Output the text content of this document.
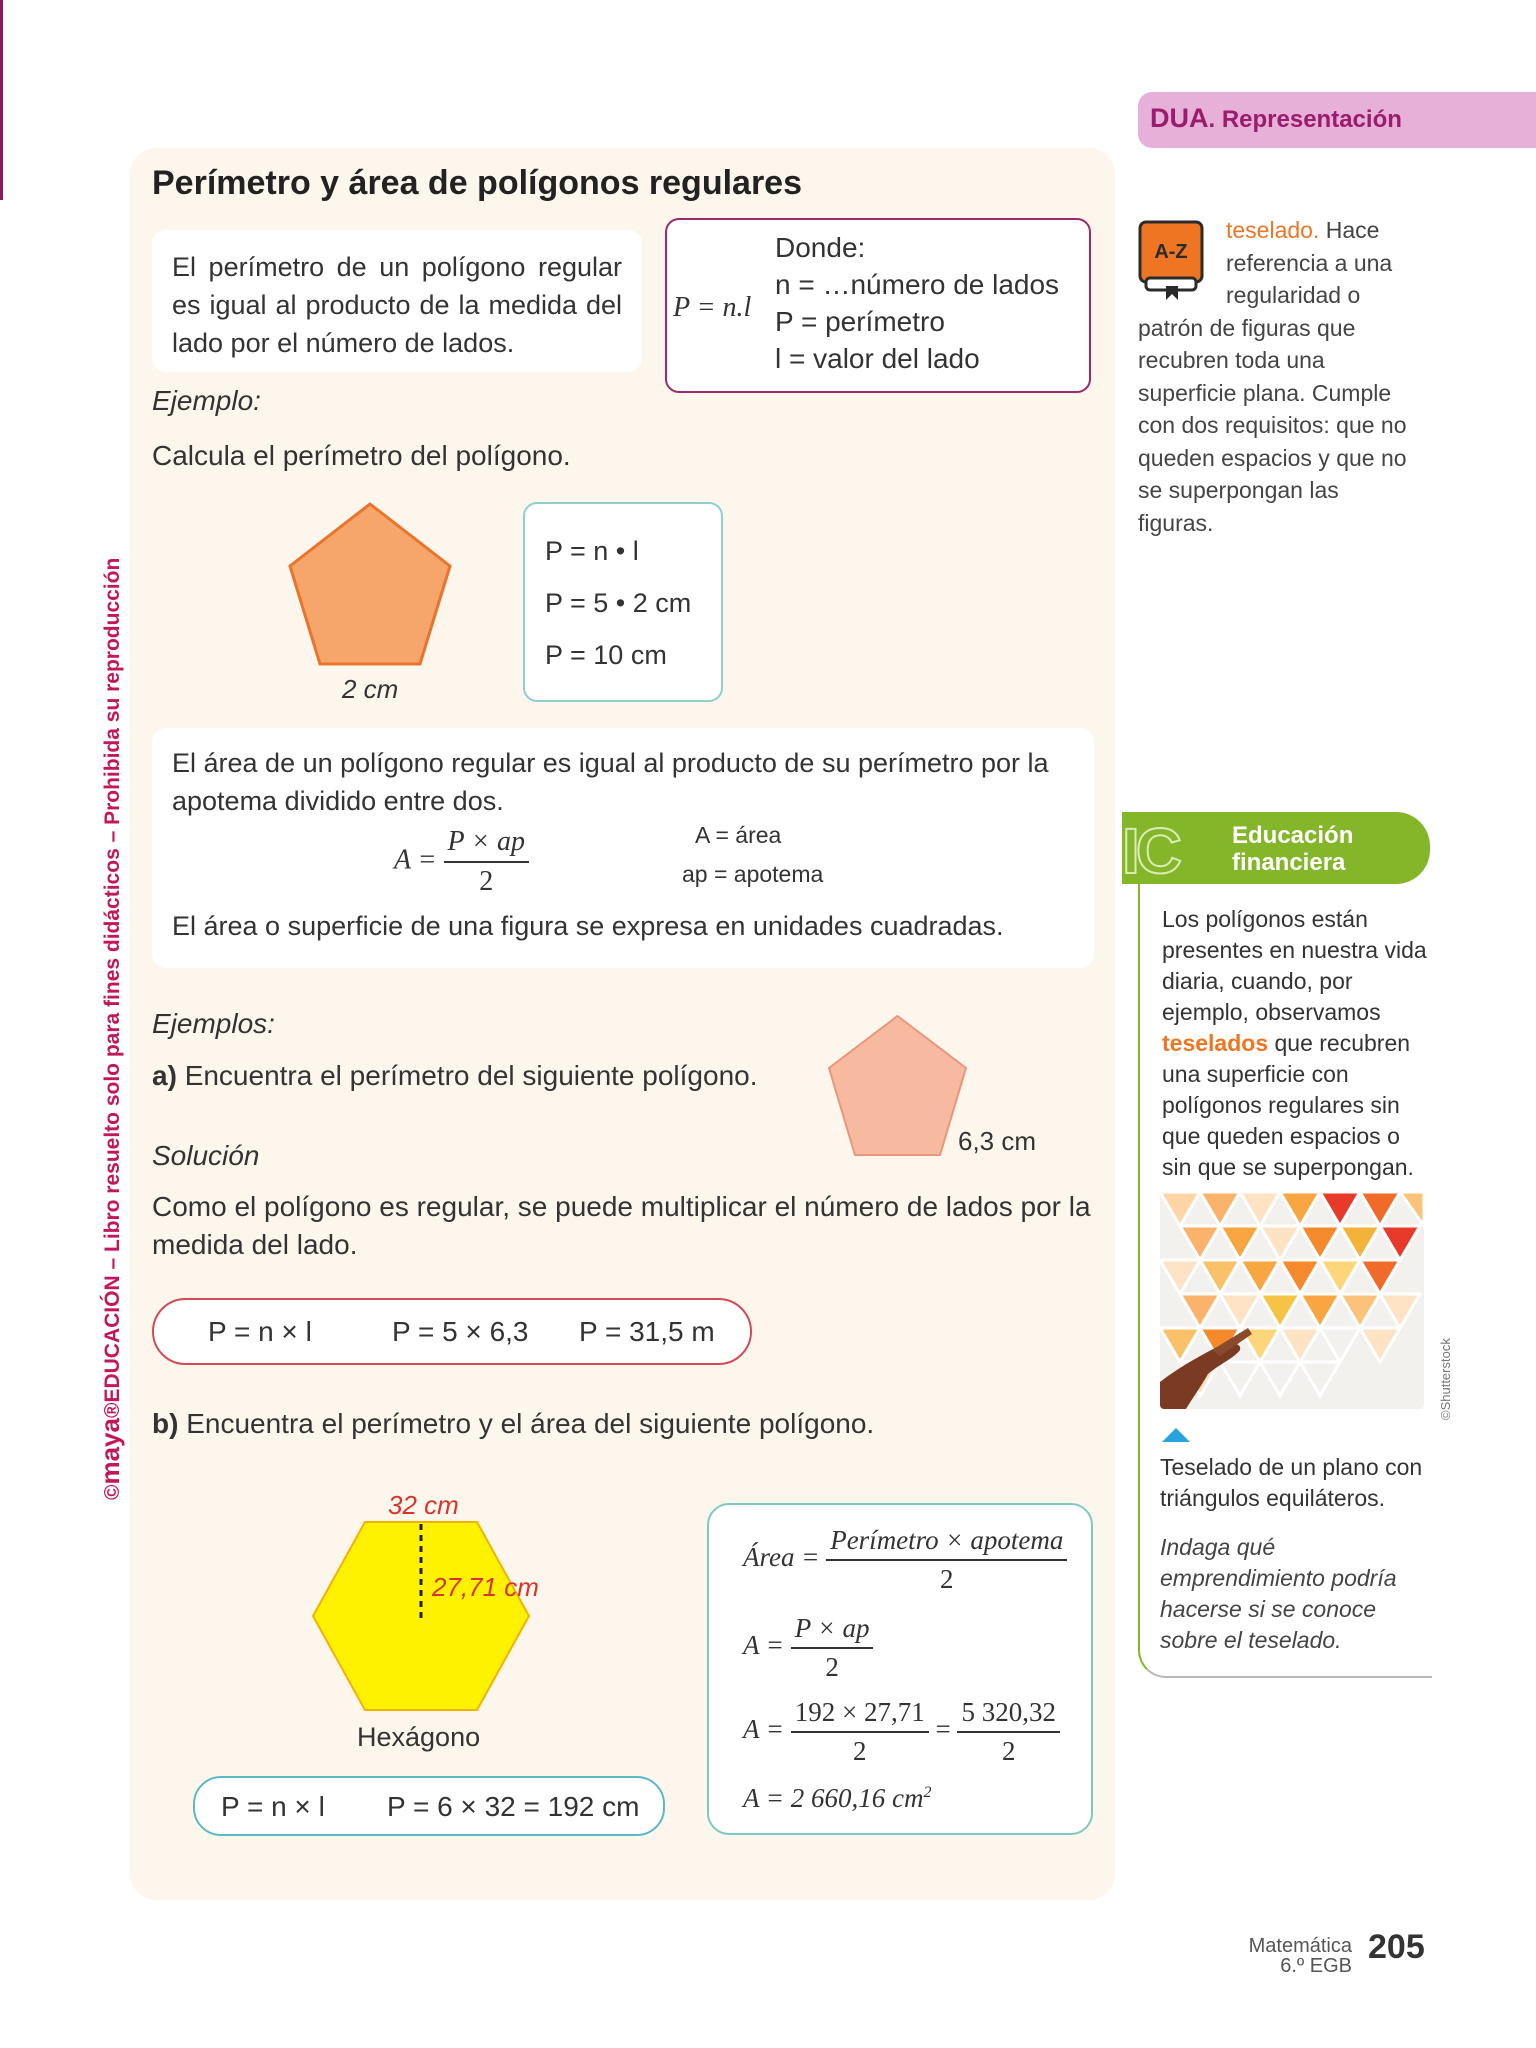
©maya®EDUCACIÓN – Libro resuelto solo para fines didácticos – Prohibida su reproducción
Perímetro y área de polígonos regulares

El perímetro de un polígono regular es igual al producto de la medida del lado por el número de lados.

P = n.l
Donde:
n = …número de lados
P = perímetro
l = valor del lado
Ejemplo:
Calcula el perímetro del polígono.
2 cm
P = n • l
P = 5 • 2 cm
P = 10 cm
El área de un polígono regular es igual al producto de su perímetro por la apotema dividido entre dos.
$A = \frac{P \times ap}{2}$	A = área
ap = apotema
El área o superficie de una figura se expresa en unidades cuadradas.
Ejemplos:
a) Encuentra el perímetro del siguiente polígono.
6,3 cm
Solución
Como el polígono es regular, se puede multiplicar el número de lados por la medida del lado.
P = n × l	P = 5 × 6,3 P = 31,5 m
b) Encuentra el perímetro y el área del siguiente polígono.
32 cm
27,71 cm
Hexágono
P = n × l P = 6 × 32 = 192 cm
Área = $\frac{\text{Perímetro × apotema}}{2}$
$A = \frac{P \times ap}{2}$
$A = \frac{192 \times 27,71}{2} = \frac{5 320,32}{2}$
A = 2 660,16 $cm^2$
DUA. Representación
A-Z
teselado. Hace referencia a una regularidad o patrón de figuras que recubren toda una superficie plana. Cumple con dos requisitos: que no queden espacios y que no se superpongan las figuras.
IC Educación
financiera
Los polígonos están presentes en nuestra vida diaria, cuando, por ejemplo, observamos teselados que recubren una superficie con polígonos regulares sin que queden espacios o sin que se superpongan.
©Shutterstock
Teselado de un plano con triángulos equiláteros.
Indaga qué emprendimiento podría hacerse si se conoce sobre el teselado.
Matemática
6.º EGB 205
